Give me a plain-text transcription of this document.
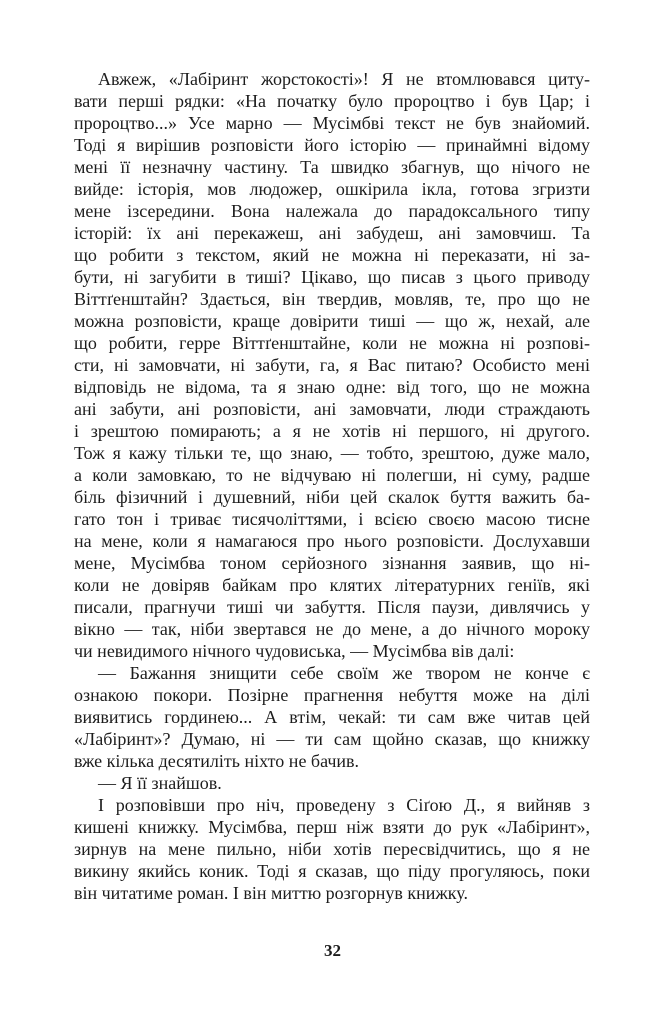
Авжеж, «Лабіринт жорстокості»! Я не втомлювався циту-
вати перші рядки: «На початку було пророцтво і був Цар; і
пророцтво...» Усе марно — Мусімбві текст не був знайомий.
Тоді я вирішив розповісти його історію — принаймні відому
мені її незначну частину. Та швидко збагнув, що нічого не
вийде: історія, мов людожер, ошкірила ікла, готова згризти
мене ізсередини. Вона належала до парадоксального типу
історій: їх ані перекажеш, ані забудеш, ані замовчиш. Та
що робити з текстом, який не можна ні переказати, ні за-
бути, ні загубити в тиші? Цікаво, що писав з цього приводу
Віттґенштайн? Здається, він твердив, мовляв, те, про що не
можна розповісти, краще довірити тиші — що ж, нехай, але
що робити, герре Віттґенштайне, коли не можна ні розпові-
сти, ні замовчати, ні забути, га, я Вас питаю? Особисто мені
відповідь не відома, та я знаю одне: від того, що не можна
ані забути, ані розповісти, ані замовчати, люди страждають
і зрештою помирають; а я не хотів ні першого, ні другого.
Тож я кажу тільки те, що знаю, — тобто, зрештою, дуже мало,
а коли замовкаю, то не відчуваю ні полегши, ні суму, радше
біль фізичний і душевний, ніби цей скалок буття важить ба-
гато тон і триває тисячоліттями, і всією своєю масою тисне
на мене, коли я намагаюся про нього розповісти. Дослухавши
мене, Мусімбва тоном серйозного зізнання заявив, що ні-
коли не довіряв байкам про клятих літературних геніїв, які
писали, прагнучи тиші чи забуття. Після паузи, дивлячись у
вікно — так, ніби звертався не до мене, а до нічного мороку
чи невидимого нічного чудовиська, — Мусімбва вів далі:
— Бажання знищити себе своїм же твором не конче є
ознакою покори. Позірне прагнення небуття може на ділі
виявитись гординею... А втім, чекай: ти сам вже читав цей
«Лабіринт»? Думаю, ні — ти сам щойно сказав, що книжку
вже кілька десятиліть ніхто не бачив.
— Я її знайшов.
І розповівши про ніч, проведену з Сіґою Д., я вийняв з
кишені книжку. Мусімбва, перш ніж взяти до рук «Лабіринт»,
зирнув на мене пильно, ніби хотів пересвідчитись, що я не
викину якийсь коник. Тоді я сказав, що піду прогуляюсь, поки
він читатиме роман. І він миттю розгорнув книжку.
32
